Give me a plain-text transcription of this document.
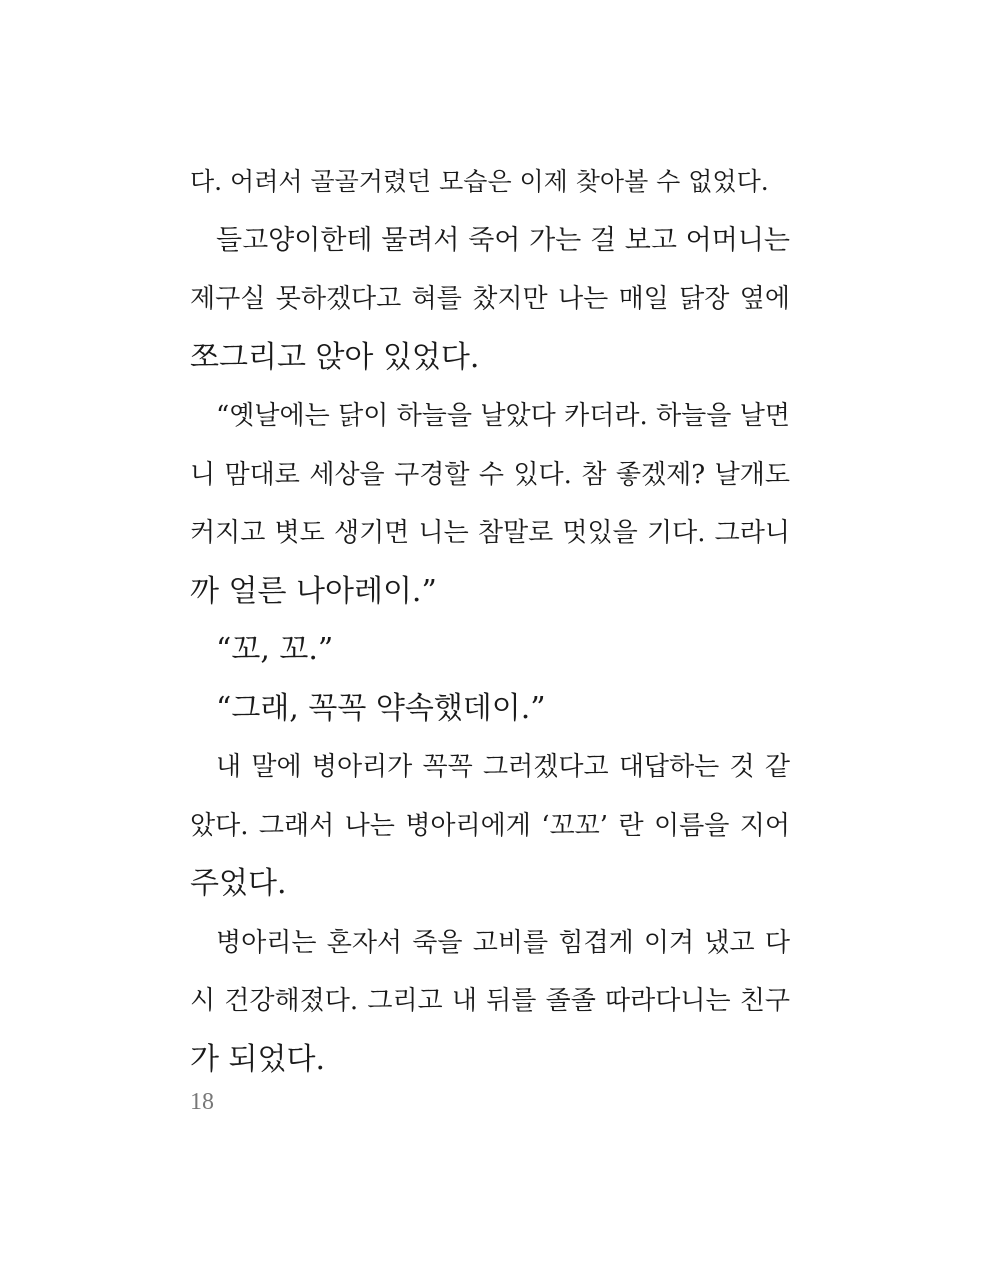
다. 어려서 골골거렸던 모습은 이제 찾아볼 수 없었다.
들고양이한테 물려서 죽어 가는 걸 보고 어머니는
제구실 못하겠다고 혀를 찼지만 나는 매일 닭장 옆에
쪼그리고 앉아 있었다.
“옛날에는 닭이 하늘을 날았다 카더라. 하늘을 날면
니 맘대로 세상을 구경할 수 있다. 참 좋겠제? 날개도
커지고 볏도 생기면 니는 참말로 멋있을 기다. 그라니
까 얼른 나아레이.”
“꼬, 꼬.”
“그래, 꼭꼭 약속했데이.”
내 말에 병아리가 꼭꼭 그러겠다고 대답하는 것 같
았다. 그래서 나는 병아리에게 ‘꼬꼬’ 란 이름을 지어
주었다.
병아리는 혼자서 죽을 고비를 힘겹게 이겨 냈고 다
시 건강해졌다. 그리고 내 뒤를 졸졸 따라다니는 친구
가 되었다.
18
